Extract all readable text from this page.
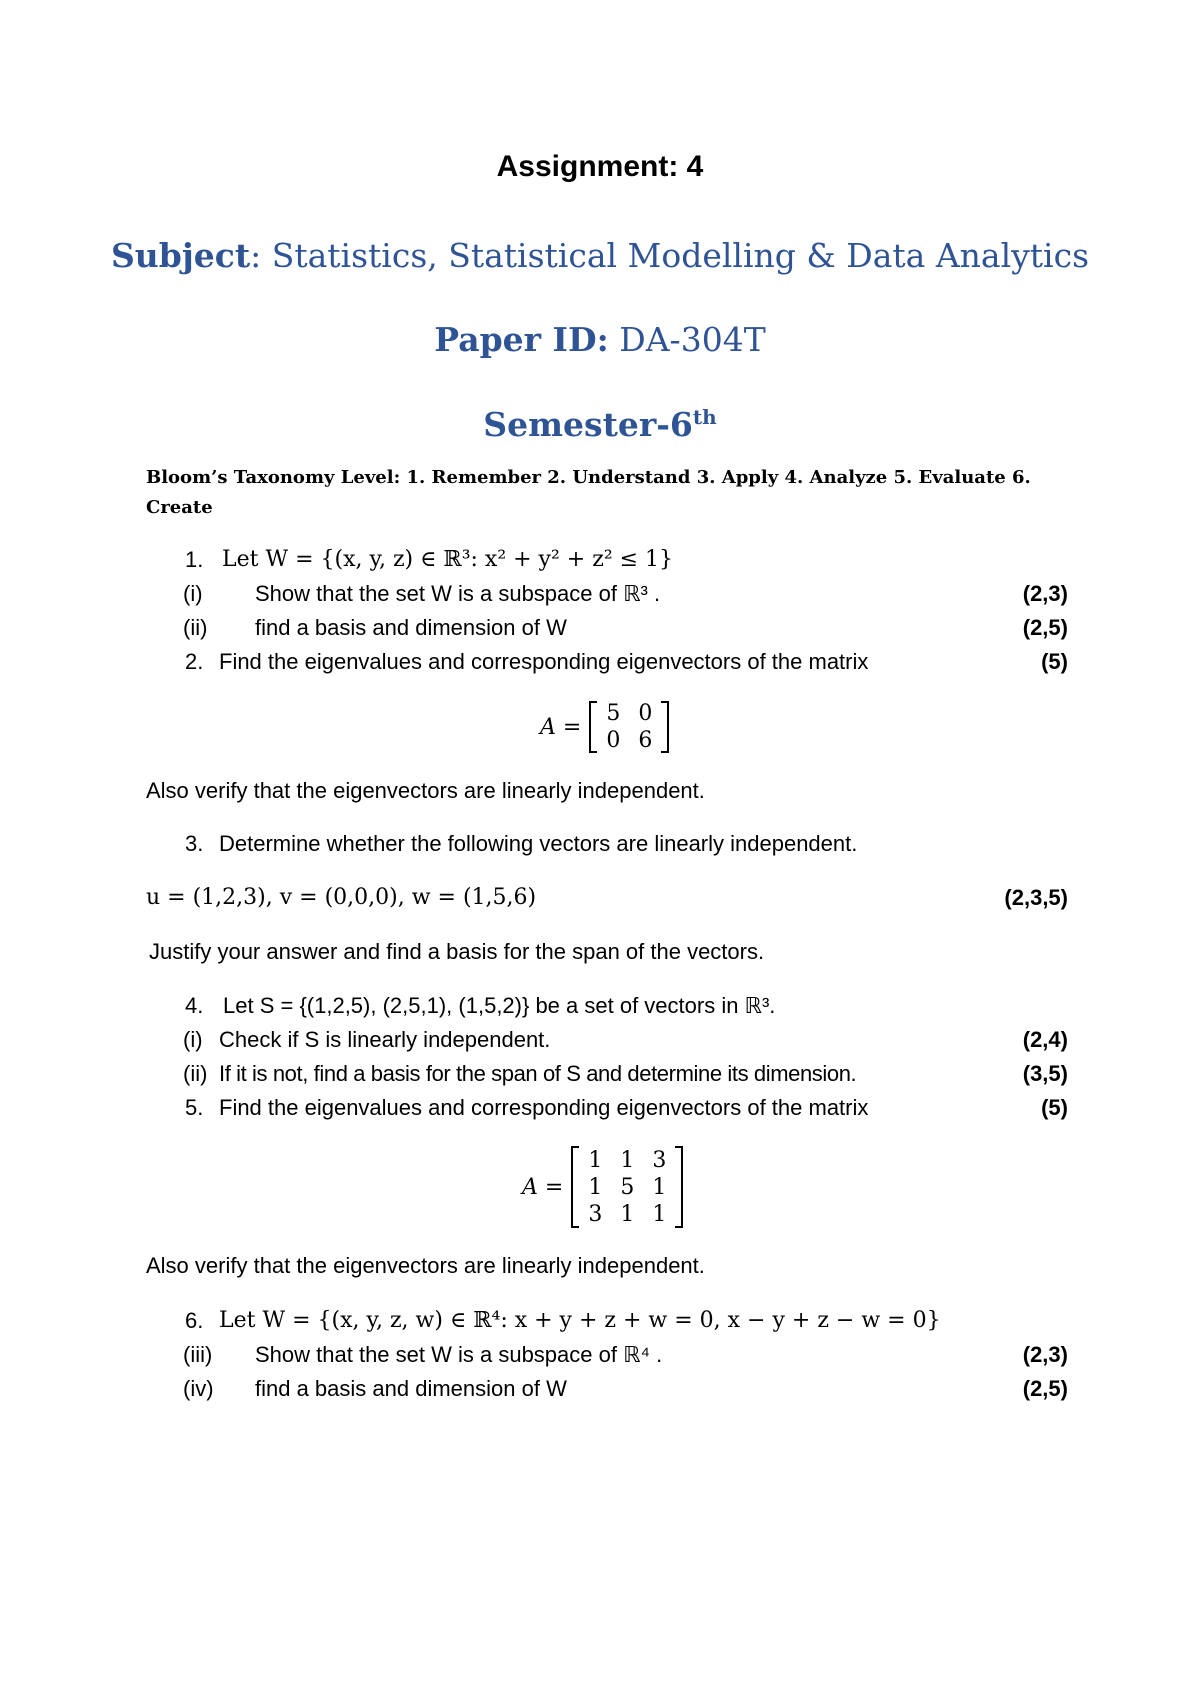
Assignment: 4
Subject: Statistics, Statistical Modelling & Data Analytics
Paper ID: DA-304T
Semester-6th
Bloom’s Taxonomy Level: 1. Remember 2. Understand 3. Apply 4. Analyze 5. Evaluate 6.
Create
1. Let W = {(x, y, z) ∈ ℝ³: x² + y² + z² ≤ 1}
(i) Show that the set W is a subspace of ℝ³ .	(2,3)
(ii) find a basis and dimension of W	(2,5)
2. Find the eigenvalues and corresponding eigenvectors of the matrix	(5)
A =
5	0
0	6
Also verify that the eigenvectors are linearly independent.
3. Determine whether the following vectors are linearly independent.
u = (1,2,3), v = (0,0,0), w = (1,5,6)	(2,3,5)
Justify your answer and find a basis for the span of the vectors.
4. Let S = {(1,2,5), (2,5,1), (1,5,2)} be a set of vectors in ℝ³.
(i) Check if S is linearly independent.	(2,4)
(ii) If it is not, find a basis for the span of S and determine its dimension.	(3,5)
5. Find the eigenvalues and corresponding eigenvectors of the matrix	(5)
A =
1	1	3
1	5	1
3	1	1
Also verify that the eigenvectors are linearly independent.
6. Let W = {(x, y, z, w) ∈ ℝ⁴: x + y + z + w = 0, x − y + z − w = 0}
(iii) Show that the set W is a subspace of ℝ⁴ .	(2,3)
(iv) find a basis and dimension of W	(2,5)
